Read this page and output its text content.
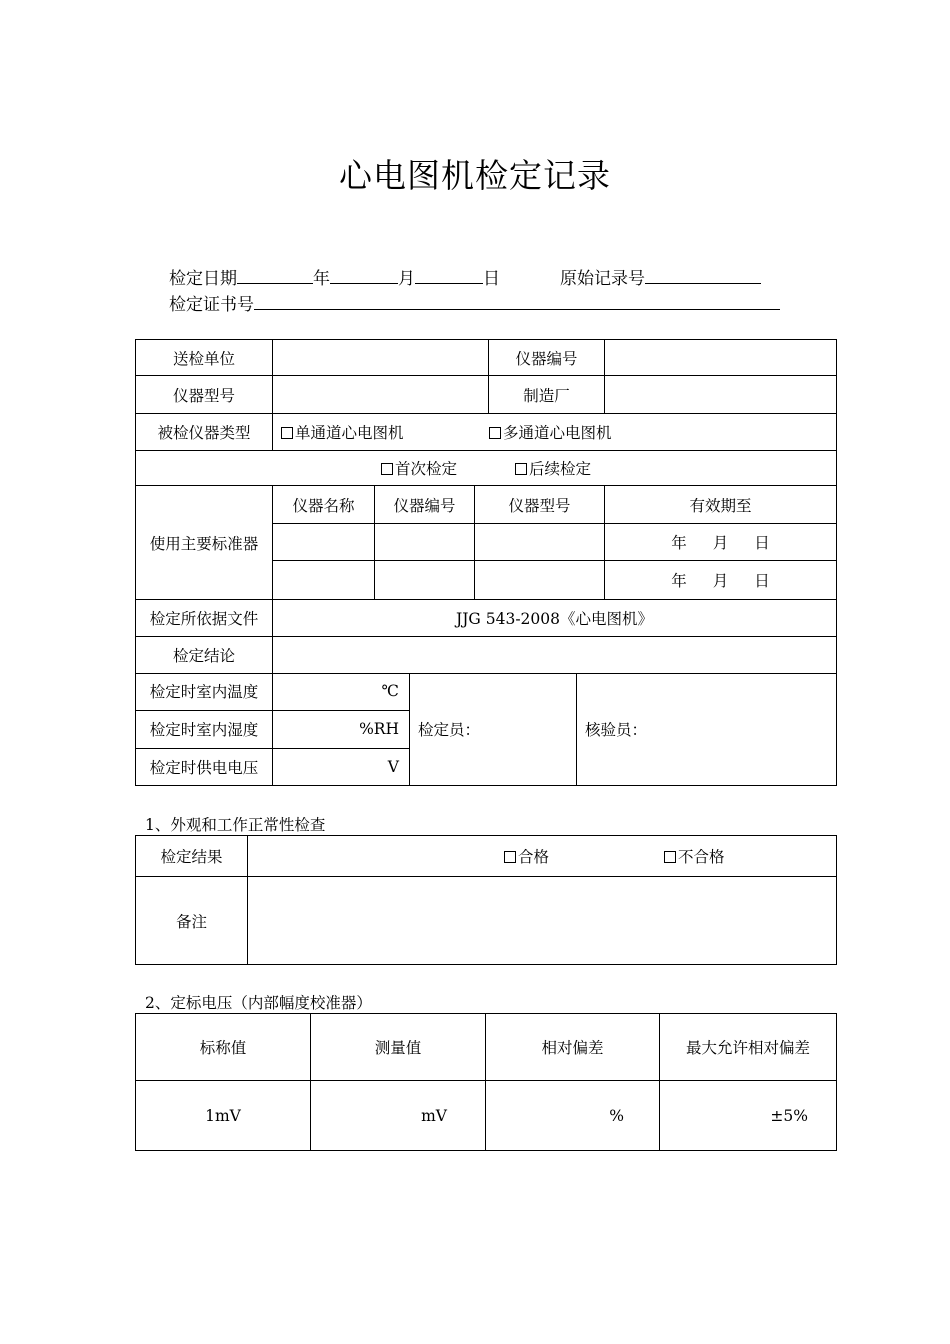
心电图机检定记录
检定日期	年	月	日	原始记录号
检定证书号
送检单位				仪器编号	
仪器型号				制造厂	
被检仪器类型	单通道心电图机 多通道心电图机				
首次检定 后续检定					
使用主要标准器	仪器名称	仪器编号	仪器型号		有效期至
					年 月 日
					年 月 日
检定所依据文件	JJG 543-2008《心电图机》				
检定结论					
检定时室内温度	℃	检定员：	核验员：
检定时室内湿度	%RH		
检定时供电电压	V		
1、外观和工作正常性检查
检定结果	合格 不合格
备注	
2、定标电压（内部幅度校准器）
标称值	测量值	相对偏差	最大允许相对偏差
1mV	mV	%	±5%
